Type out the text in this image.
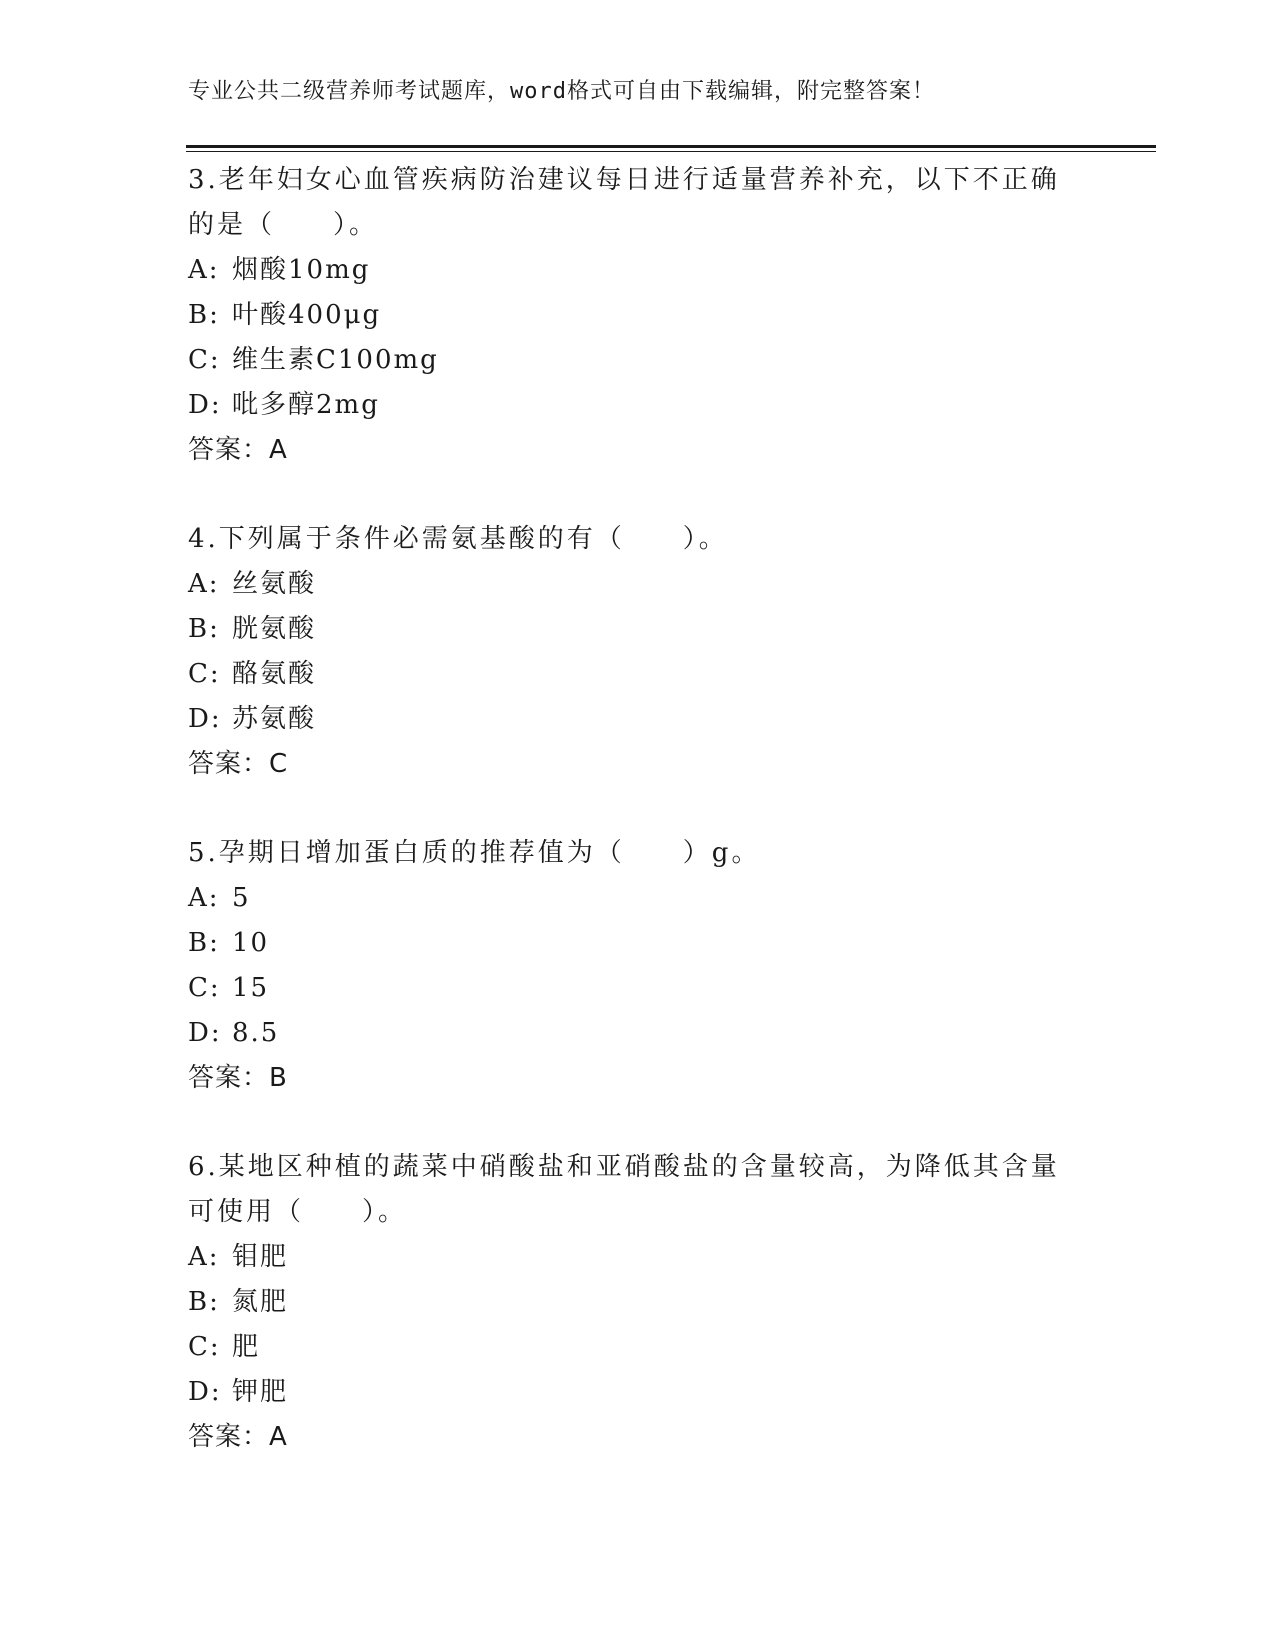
专业公共二级营养师考试题库，word格式可自由下载编辑，附完整答案！

3.老年妇女心血管疾病防治建议每日进行适量营养补充，以下不正确的是（　　）。

A: 烟酸10mg
B: 叶酸400μg
C: 维生素C100mg
D: 吡多醇2mg
答案：A

4.下列属于条件必需氨基酸的有（　　）。

A: 丝氨酸
B: 胱氨酸
C: 酪氨酸
D: 苏氨酸
答案：C

5.孕期日增加蛋白质的推荐值为（　　）g。

A: 5
B: 10
C: 15
D: 8.5
答案：B

6.某地区种植的蔬菜中硝酸盐和亚硝酸盐的含量较高，为降低其含量可使用（　　）。

A: 钼肥
B: 氮肥
C: 肥
D: 钾肥
答案：A
